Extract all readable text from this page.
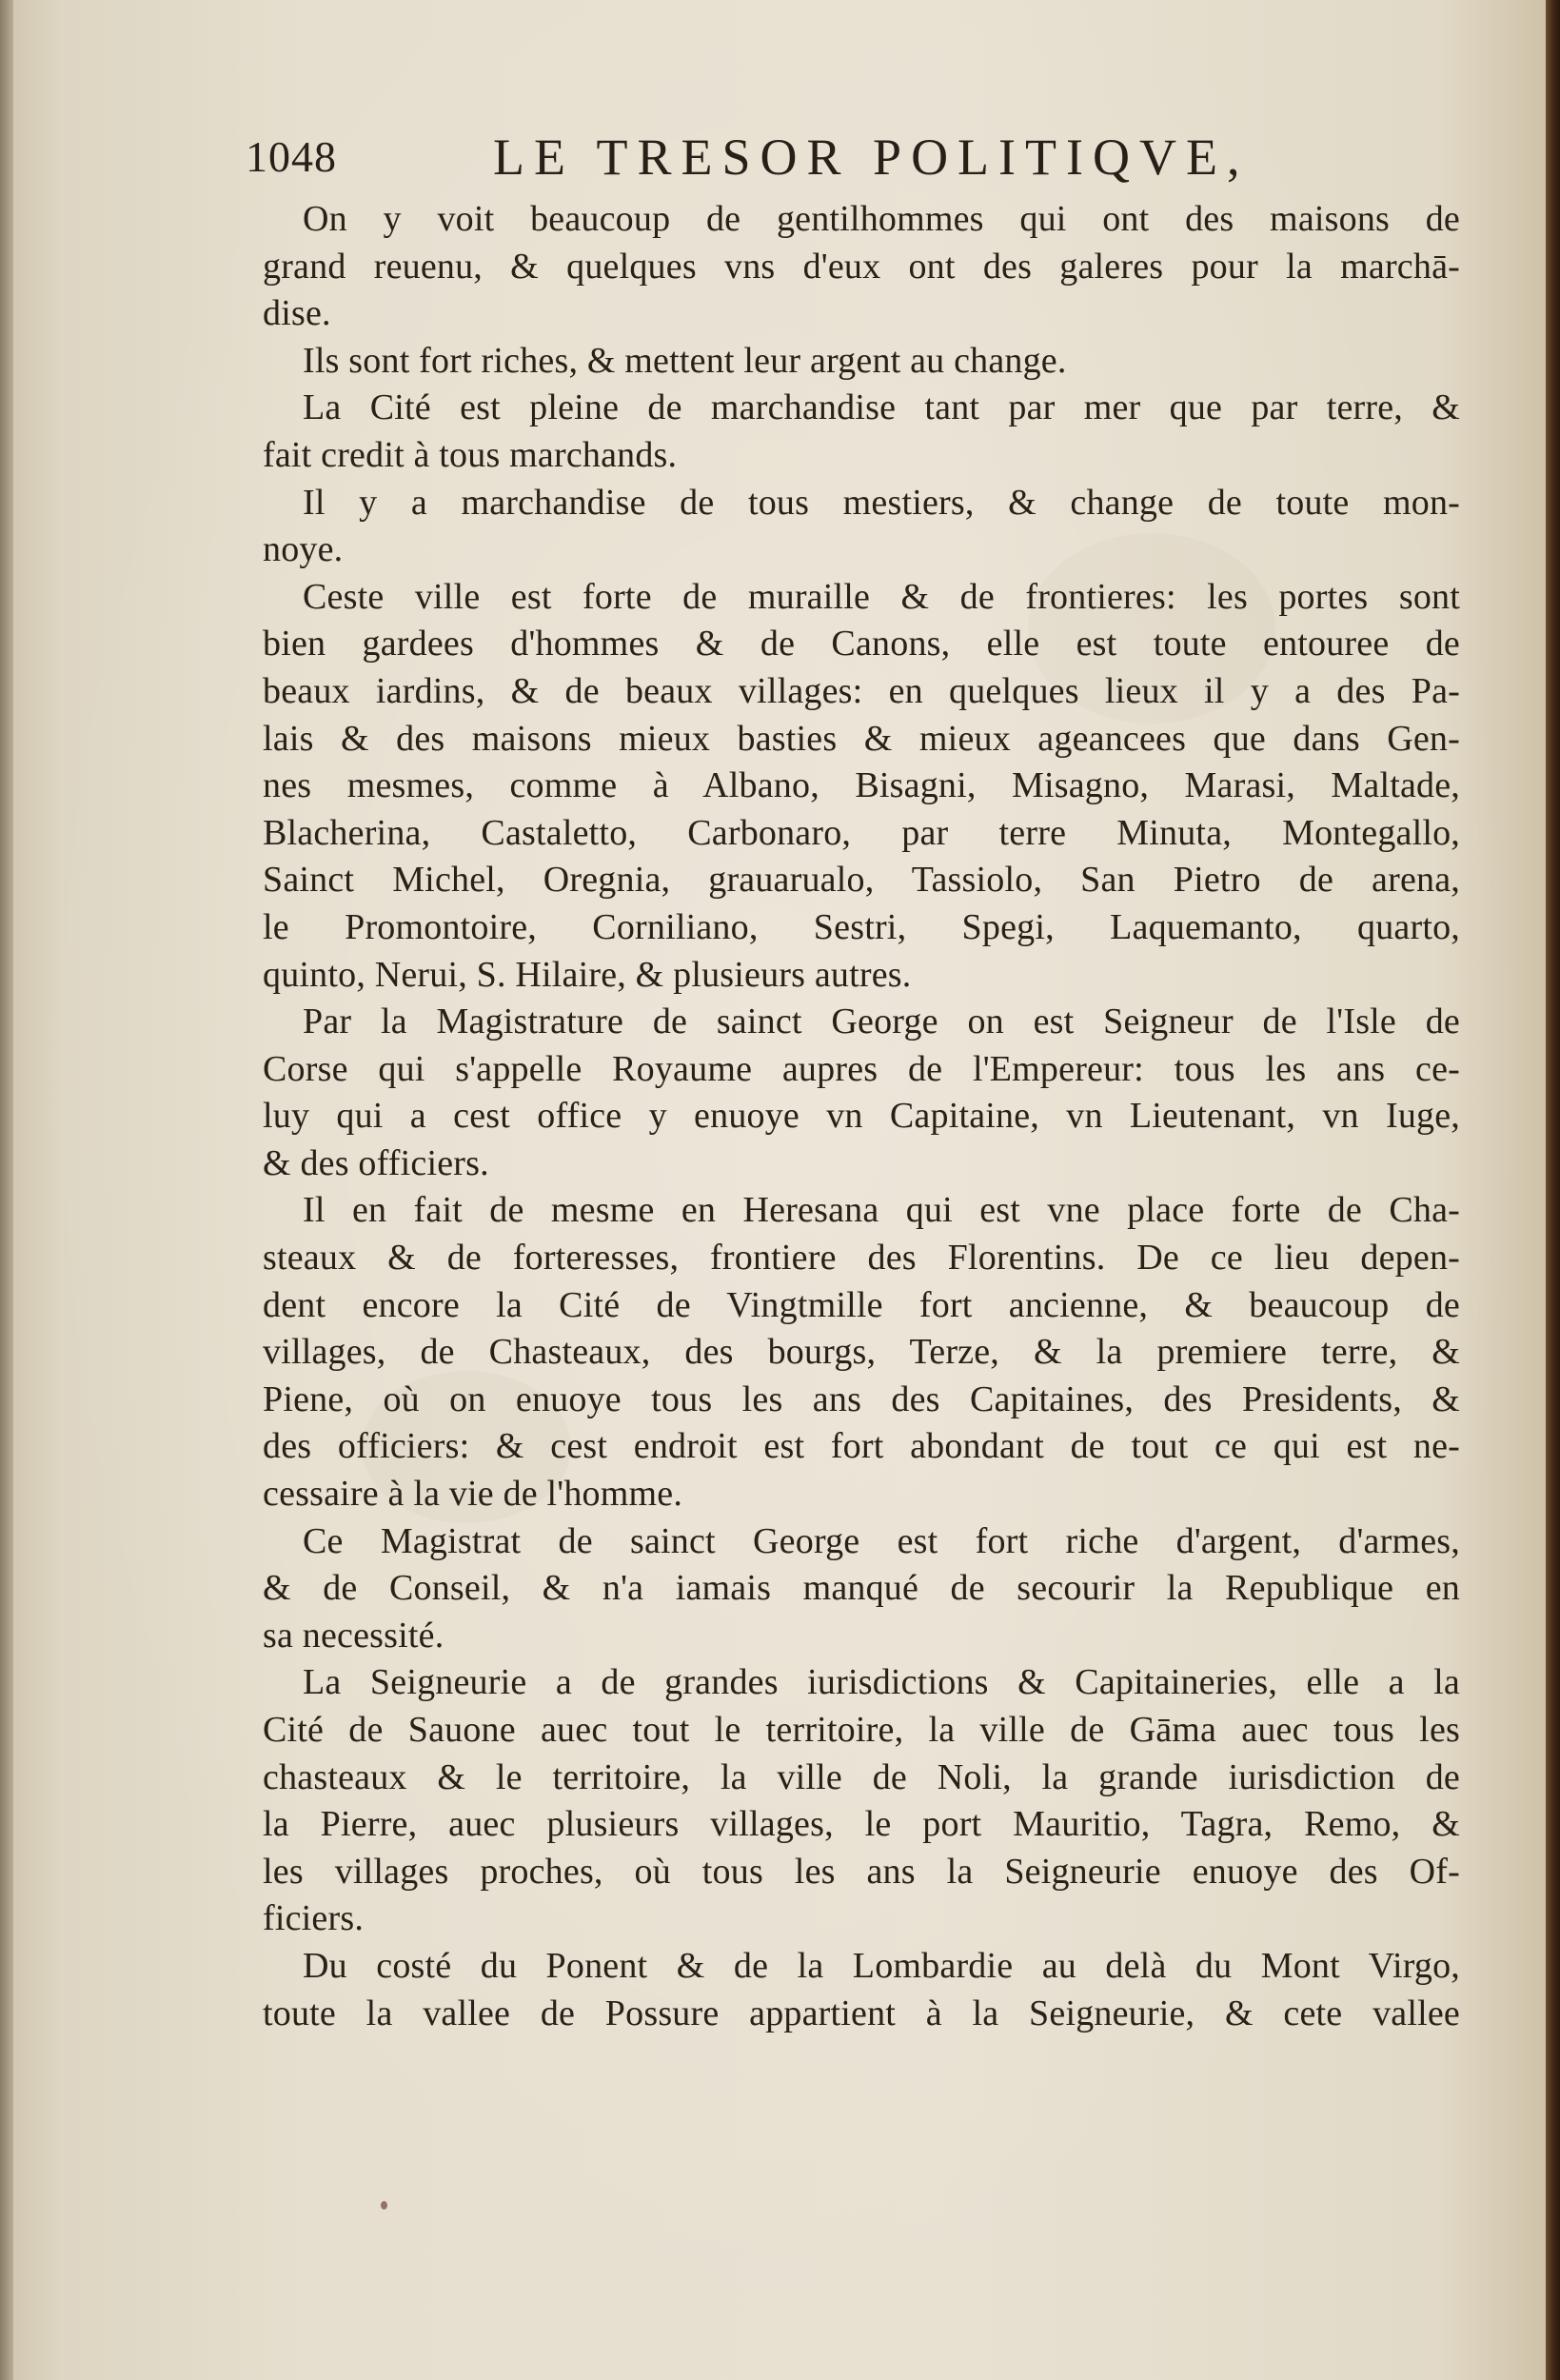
1048	LE TRESOR POLITIQVE,
On y voit beaucoup de gentilhommes qui ont des maisons de
grand reuenu, & quelques vns d'eux ont des galeres pour la marchā-
dise.
Ils sont fort riches, & mettent leur argent au change.
La Cité est pleine de marchandise tant par mer que par terre, &
fait credit à tous marchands.
Il y a marchandise de tous mestiers, & change de toute mon-
noye.
Ceste ville est forte de muraille & de frontieres: les portes sont
bien gardees d'hommes & de Canons, elle est toute entouree de
beaux iardins, & de beaux villages: en quelques lieux il y a des Pa-
lais & des maisons mieux basties & mieux ageancees que dans Gen-
nes mesmes, comme à Albano, Bisagni, Misagno, Marasi, Maltade,
Blacherina, Castaletto, Carbonaro, par terre Minuta, Montegallo,
Sainct Michel, Oregnia, grauarualo, Tassiolo, San Pietro de arena,
le Promontoire, Corniliano, Sestri, Spegi, Laquemanto, quarto,
quinto, Nerui, S. Hilaire, & plusieurs autres.
Par la Magistrature de sainct George on est Seigneur de l'Isle de
Corse qui s'appelle Royaume aupres de l'Empereur: tous les ans ce-
luy qui a cest office y enuoye vn Capitaine, vn Lieutenant, vn Iuge,
& des officiers.
Il en fait de mesme en Heresana qui est vne place forte de Cha-
steaux & de forteresses, frontiere des Florentins. De ce lieu depen-
dent encore la Cité de Vingtmille fort ancienne, & beaucoup de
villages, de Chasteaux, des bourgs, Terze, & la premiere terre, &
Piene, où on enuoye tous les ans des Capitaines, des Presidents, &
des officiers: & cest endroit est fort abondant de tout ce qui est ne-
cessaire à la vie de l'homme.
Ce Magistrat de sainct George est fort riche d'argent, d'armes,
& de Conseil, & n'a iamais manqué de secourir la Republique en
sa necessité.
La Seigneurie a de grandes iurisdictions & Capitaineries, elle a la
Cité de Sauone auec tout le territoire, la ville de Gāma auec tous les
chasteaux & le territoire, la ville de Noli, la grande iurisdiction de
la Pierre, auec plusieurs villages, le port Mauritio, Tagra, Remo, &
les villages proches, où tous les ans la Seigneurie enuoye des Of-
ficiers.
Du costé du Ponent & de la Lombardie au delà du Mont Virgo,
toute la vallee de Possure appartient à la Seigneurie, & cete vallee
